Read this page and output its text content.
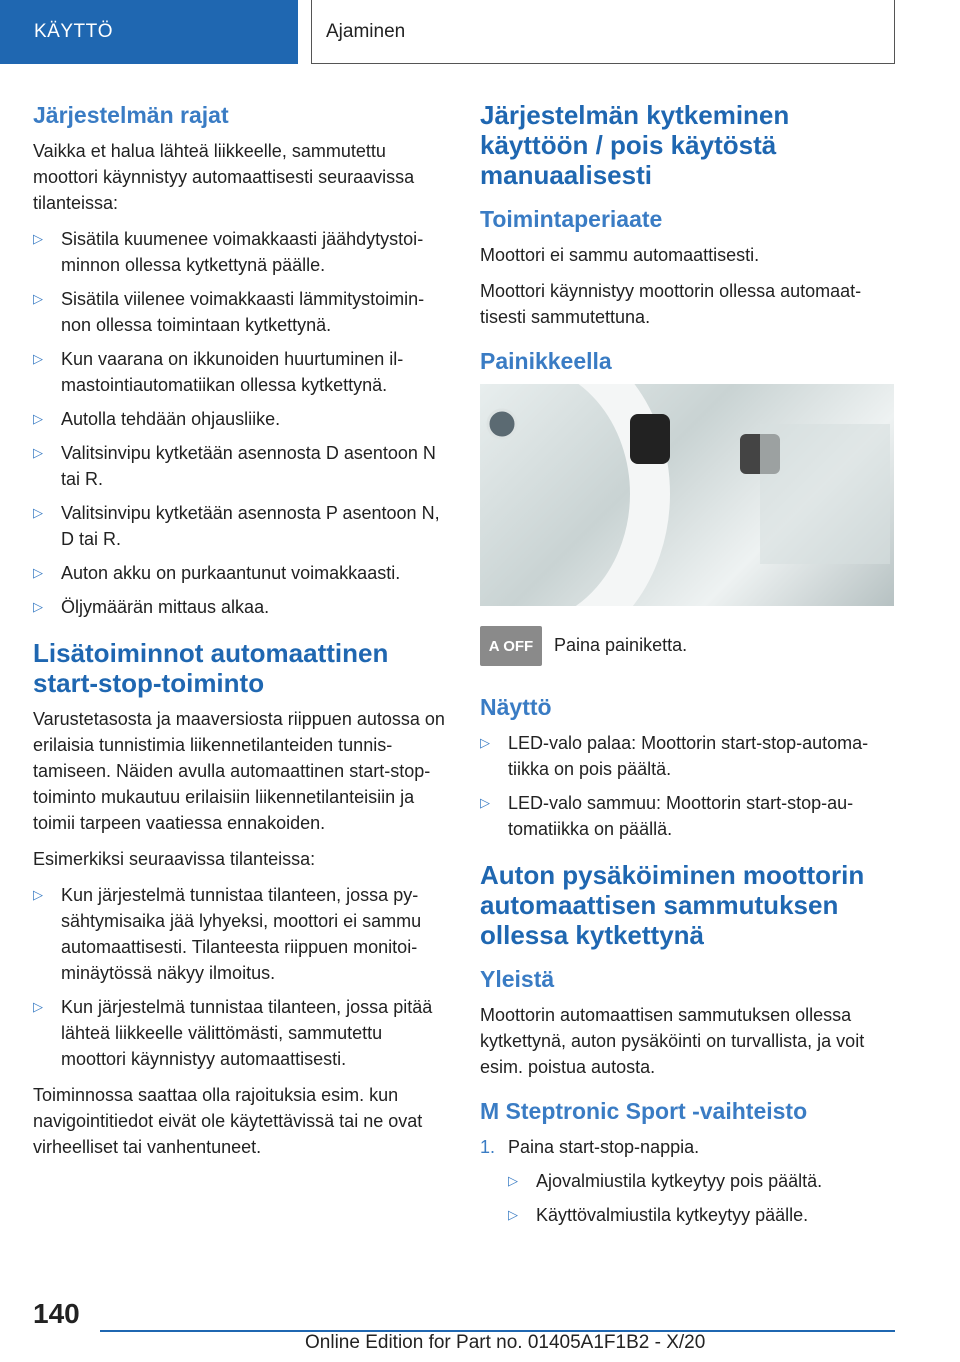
KÄYTTÖ	Ajaminen
Järjestelmän rajat
Vaikka et halua lähteä liikkeelle, sammutettu moottori käynnistyy automaattisesti seuraavissa tilanteissa:
▷	Sisätila kuumenee voimakkaasti jäähdytystoiminnon ollessa kytkettynä päälle.
▷	Sisätila viilenee voimakkaasti lämmitystoiminnon ollessa toimintaan kytkettynä.
▷	Kun vaarana on ikkunoiden huurtuminen ilmastointiautomatiikan ollessa kytkettynä.
▷	Autolla tehdään ohjausliike.
▷	Valitsinvipu kytketään asennosta D asentoon N tai R.
▷	Valitsinvipu kytketään asennosta P asentoon N, D tai R.
▷	Auton akku on purkaantunut voimakkaasti.
▷	Öljymäärän mittaus alkaa.
Lisätoiminnot automaattinen start-stop-toiminto
Varustetasosta ja maaversiosta riippuen autossa on erilaisia tunnistimia liikennetilanteiden tunnistamiseen. Näiden avulla automaattinen start-stop-toiminto mukautuu erilaisiin liikennetilanteisiin ja toimii tarpeen vaatiessa ennakoiden.
Esimerkiksi seuraavissa tilanteissa:
▷	Kun järjestelmä tunnistaa tilanteen, jossa pysähtymisaika jää lyhyeksi, moottori ei sammu automaattisesti. Tilanteesta riippuen monitoiminäytössä näkyy ilmoitus.
▷	Kun järjestelmä tunnistaa tilanteen, jossa pitää lähteä liikkeelle välittömästi, sammutettu moottori käynnistyy automaattisesti.
Toiminnossa saattaa olla rajoituksia esim. kun navigointitiedot eivät ole käytettävissä tai ne ovat virheelliset tai vanhentuneet.
Järjestelmän kytkeminen käyttöön / pois käytöstä manuaalisesti
Toimintaperiaate
Moottori ei sammu automaattisesti.
Moottori käynnistyy moottorin ollessa automaattisesti sammutettuna.
Painikkeella
A OFF	Paina painiketta.
Näyttö
▷	LED-valo palaa: Moottorin start-stop-automatiikka on pois päältä.
▷	LED-valo sammuu: Moottorin start-stop-automatiikka on päällä.
Auton pysäköiminen moottorin automaattisen sammutuksen ollessa kytkettynä
Yleistä
Moottorin automaattisen sammutuksen ollessa kytkettynä, auton pysäköinti on turvallista, ja voit esim. poistua autosta.
M Steptronic Sport -vaihteisto
1. Paina start-stop-nappia.
▷	Ajovalmiustila kytkeytyy pois päältä.
▷	Käyttövalmiustila kytkeytyy päälle.
140
Online Edition for Part no. 01405A1F1B2 - X/20
